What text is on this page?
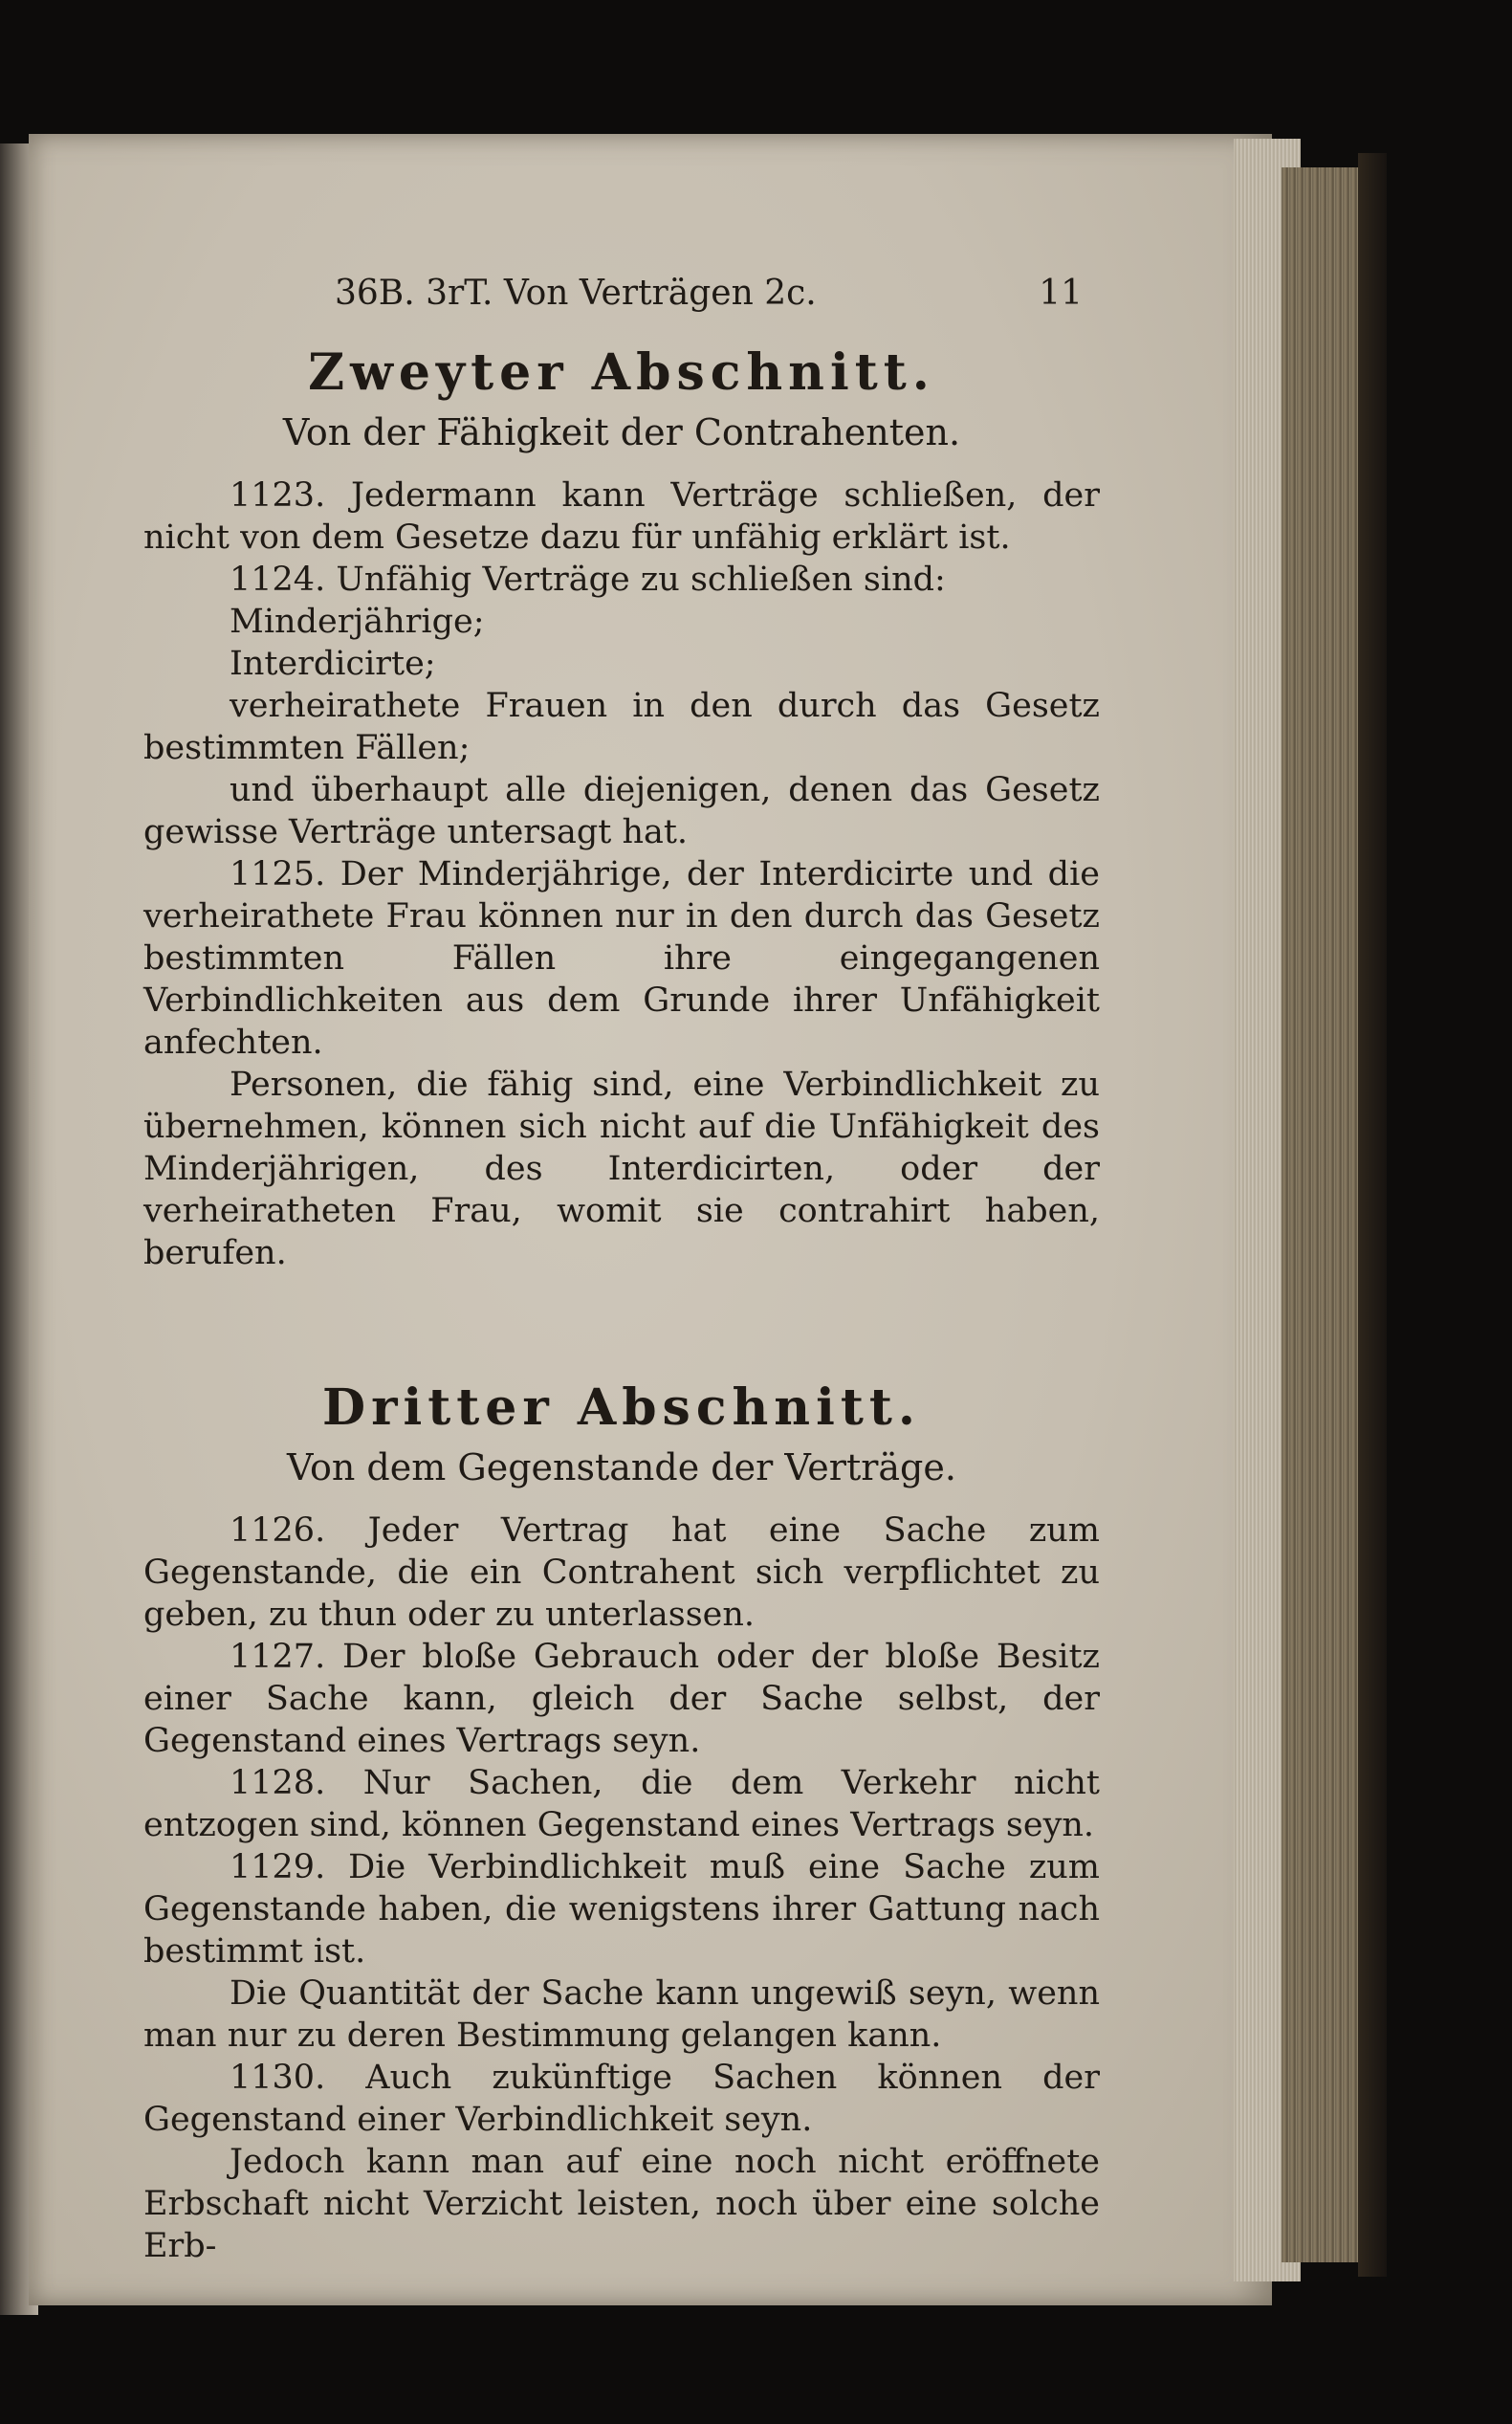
36B. 3rT. Von Verträgen 2c.	11
Zweyter Abschnitt.
Von der Fähigkeit der Contrahenten.

1123. Jedermann kann Verträge schließen, der nicht von dem Gesetze dazu für unfähig erklärt ist.

1124. Unfähig Verträge zu schließen sind:

Minderjährige;

Interdicirte;

verheirathete Frauen in den durch das Gesetz bestimmten Fällen;

und überhaupt alle diejenigen, denen das Gesetz gewisse Verträge untersagt hat.

1125. Der Minderjährige, der Interdicirte und die verheirathete Frau können nur in den durch das Gesetz bestimmten Fällen ihre eingegangenen Verbindlichkeiten aus dem Grunde ihrer Unfähigkeit anfechten.

Personen, die fähig sind, eine Verbindlichkeit zu übernehmen, können sich nicht auf die Unfähigkeit des Minderjährigen, des Interdicirten, oder der verheiratheten Frau, womit sie contrahirt haben, berufen.

Dritter Abschnitt.
Von dem Gegenstande der Verträge.

1126. Jeder Vertrag hat eine Sache zum Gegenstande, die ein Contrahent sich verpflichtet zu geben, zu thun oder zu unterlassen.

1127. Der bloße Gebrauch oder der bloße Besitz einer Sache kann, gleich der Sache selbst, der Gegenstand eines Vertrags seyn.

1128. Nur Sachen, die dem Verkehr nicht entzogen sind, können Gegenstand eines Vertrags seyn.

1129. Die Verbindlichkeit muß eine Sache zum Gegenstande haben, die wenigstens ihrer Gattung nach bestimmt ist.

Die Quantität der Sache kann ungewiß seyn, wenn man nur zu deren Bestimmung gelangen kann.

1130. Auch zukünftige Sachen können der Gegenstand einer Verbindlichkeit seyn.

Jedoch kann man auf eine noch nicht eröffnete Erbschaft nicht Verzicht leisten, noch über eine solche Erb-
